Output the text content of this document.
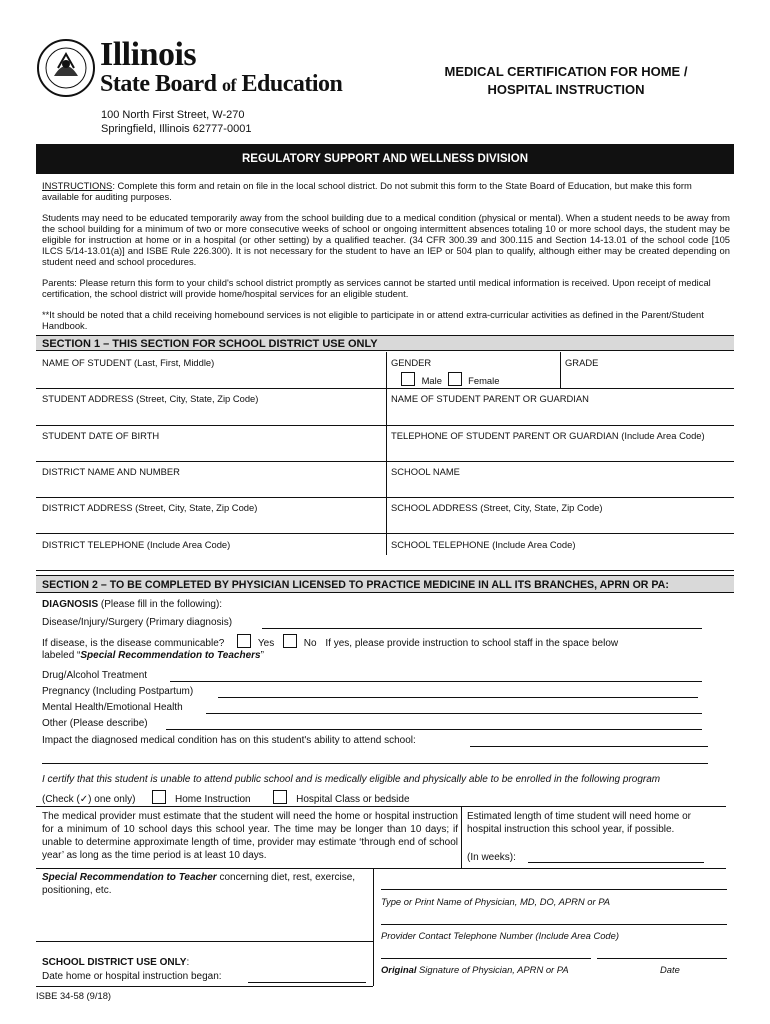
Illinois
State Board of Education
100 North First Street, W-270
Springfield, Illinois 62777-0001
MEDICAL CERTIFICATION FOR HOME /
HOSPITAL INSTRUCTION
REGULATORY SUPPORT AND WELLNESS DIVISION
INSTRUCTIONS: Complete this form and retain on file in the local school district. Do not submit this form to the State Board of Education, but make this form available for auditing purposes.
Students may need to be educated temporarily away from the school building due to a medical condition (physical or mental). When a student needs to be away from the school building for a minimum of two or more consecutive weeks of school or ongoing intermittent absences totaling 10 or more school days, the student may be eligible for instruction at home or in a hospital (or other setting) by a qualified teacher. (34 CFR 300.39 and 300.115 and Section 14-13.01 of the school code [105 ILCS 5/14-13.01(a)] and ISBE Rule 226.300). It is not necessary for the student to have an IEP or 504 plan to qualify, although either may be created depending on student need and school procedures.
Parents: Please return this form to your child's school district promptly as services cannot be started until medical information is received. Upon receipt of medical certification, the school district will provide home/hospital services for an eligible student.
**It should be noted that a child receiving homebound services is not eligible to participate in or attend extra-curricular activities as defined in the Parent/Student Handbook.
SECTION 1 – THIS SECTION FOR SCHOOL DISTRICT USE ONLY
NAME OF STUDENT (Last, First, Middle)	GENDER	GRADE
Male	Female
STUDENT ADDRESS (Street, City, State, Zip Code)	NAME OF STUDENT PARENT OR GUARDIAN
STUDENT DATE OF BIRTH	TELEPHONE OF STUDENT PARENT OR GUARDIAN (Include Area Code)
DISTRICT NAME AND NUMBER	SCHOOL NAME
DISTRICT ADDRESS (Street, City, State, Zip Code)	SCHOOL ADDRESS (Street, City, State, Zip Code)
DISTRICT TELEPHONE (Include Area Code)	SCHOOL TELEPHONE (Include Area Code)
SECTION 2 – TO BE COMPLETED BY PHYSICIAN LICENSED TO PRACTICE MEDICINE IN ALL ITS BRANCHES, APRN OR PA:
DIAGNOSIS (Please fill in the following):
Disease/Injury/Surgery (Primary diagnosis)
If disease, is the disease communicable?	Yes	No If yes, please provide instruction to school staff in the space below
labeled “Special Recommendation to Teachers”
Drug/Alcohol Treatment
Pregnancy (Including Postpartum)
Mental Health/Emotional Health
Other (Please describe)
Impact the diagnosed medical condition has on this student's ability to attend school:
I certify that this student is unable to attend public school and is medically eligible and physically able to be enrolled in the following program
(Check (✓) one only)	Home Instruction	Hospital Class or bedside
The medical provider must estimate that the student will need the home or hospital instruction for a minimum of 10 school days this school year. The time may be longer than 10 days; if unable to determine approximate length of time, provider may estimate ‘through end of school year’ as long as the time period is at least 10 days.
Estimated length of time student will need home or hospital instruction this school year, if possible.
(In weeks):
Special Recommendation to Teacher concerning diet, rest, exercise, positioning, etc.
Type or Print Name of Physician, MD, DO, APRN or PA
Provider Contact Telephone Number (Include Area Code)
Original Signature of Physician, APRN or PA	Date
SCHOOL DISTRICT USE ONLY:
Date home or hospital instruction began:
ISBE 34-58 (9/18)
